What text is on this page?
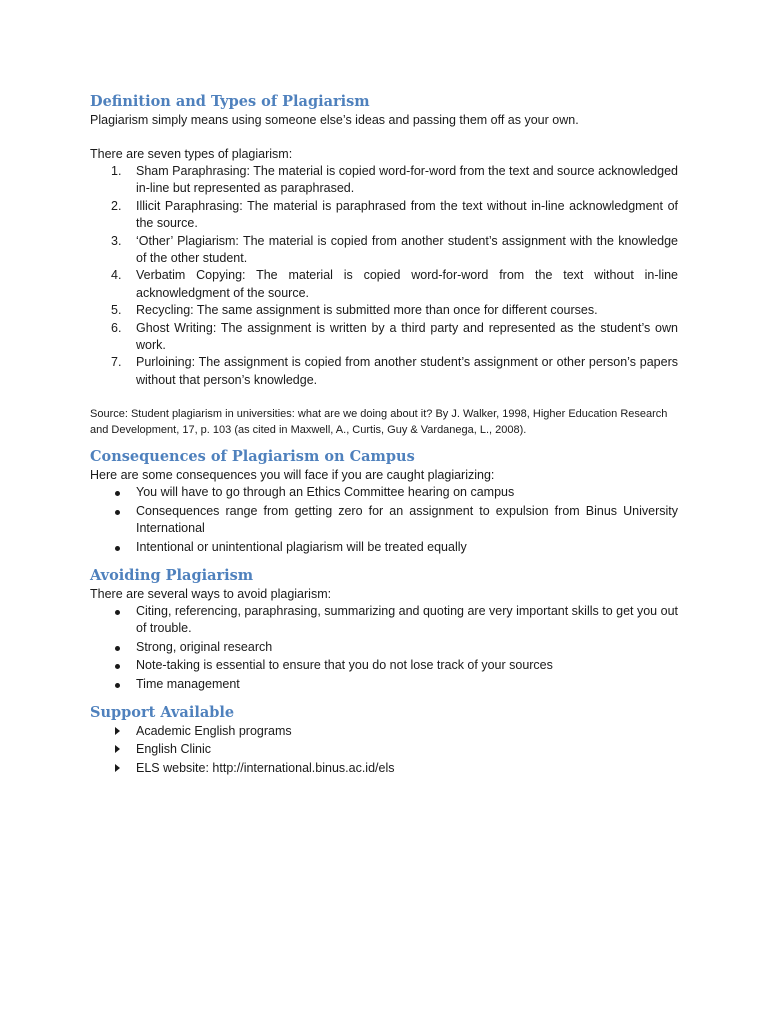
Definition and Types of Plagiarism

Plagiarism simply means using someone else’s ideas and passing them off as your own.

There are seven types of plagiarism:

1. Sham Paraphrasing: The material is copied word-for-word from the text and source acknowledged in-line but represented as paraphrased.
2. Illicit Paraphrasing: The material is paraphrased from the text without in-line acknowledgment of the source.
3. ‘Other’ Plagiarism: The material is copied from another student’s assignment with the knowledge of the other student.
4. Verbatim Copying: The material is copied word-for-word from the text without in-line acknowledgment of the source.
5. Recycling: The same assignment is submitted more than once for different courses.
6. Ghost Writing: The assignment is written by a third party and represented as the student’s own work.
7. Purloining: The assignment is copied from another student’s assignment or other person’s papers without that person’s knowledge.

Source: Student plagiarism in universities: what are we doing about it? By J. Walker, 1998, Higher Education Research and Development, 17, p. 103 (as cited in Maxwell, A., Curtis, Guy & Vardanega, L., 2008).

Consequences of Plagiarism on Campus

Here are some consequences you will face if you are caught plagiarizing:

You will have to go through an Ethics Committee hearing on campus
Consequences range from getting zero for an assignment to expulsion from Binus University International
Intentional or unintentional plagiarism will be treated equally
Avoiding Plagiarism

There are several ways to avoid plagiarism:

Citing, referencing, paraphrasing, summarizing and quoting are very important skills to get you out of trouble.
Strong, original research
Note-taking is essential to ensure that you do not lose track of your sources
Time management
Support Available
Academic English programs
English Clinic
ELS website: http://international.binus.ac.id/els
